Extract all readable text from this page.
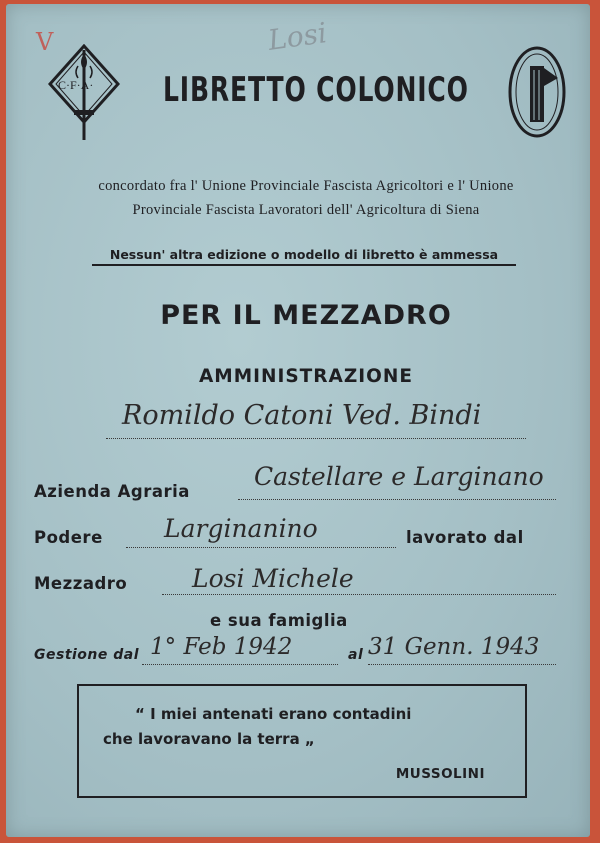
V	Losi
C·F·A· LIBRETTO COLONICO
concordato fra l' Unione Provinciale Fascista Agricoltori e l' Unione
Provinciale Fascista Lavoratori dell' Agricoltura di Siena
Nessun' altra edizione o modello di libretto è ammessa
PER IL MEZZADRO
AMMINISTRAZIONE
Romildo Catoni Ved. Bindi
Azienda Agraria
Castellare e Larginano
Podere Larginanino	lavorato dal
Mezzadro	Losi Michele
e sua famiglia
Gestione dal 1° Feb 1942	al 31 Genn. 1943
“ I miei antenati erano contadini
che lavoravano la terra „
MUSSOLINI
